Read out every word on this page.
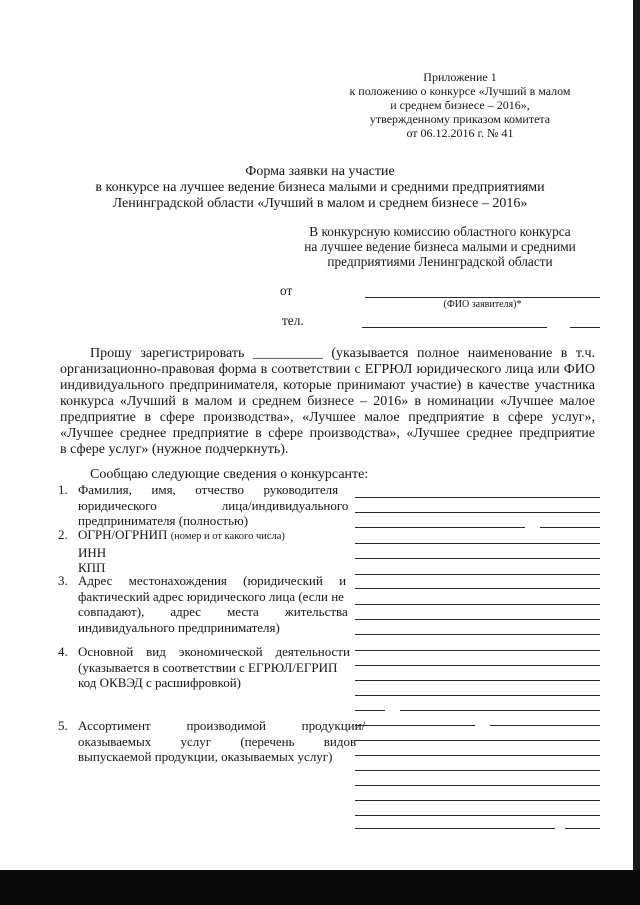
Приложение 1
к положению о конкурсе «Лучший в малом
и среднем бизнесе – 2016»,
утвержденному приказом комитета
от 06.12.2016 г. № 41
Форма заявки на участие
в конкурсе на лучшее ведение бизнеса малыми и средними предприятиями
Ленинградской области «Лучший в малом и среднем бизнесе – 2016»
В конкурсную комиссию областного конкурса
на лучшее ведение бизнеса малыми и средними
предприятиями Ленинградской области
от
(ФИО заявителя)*
тел.
Прошу зарегистрировать __________ (указывается полное наименование в т.ч.
организационно-правовая форма в соответствии с ЕГРЮЛ юридического лица или ФИО
индивидуального предпринимателя, которые принимают участие) в качестве участника
конкурса «Лучший в малом и среднем бизнесе – 2016» в номинации «Лучшее малое
предприятие в сфере производства», «Лучшее малое предприятие в сфере услуг»,
«Лучшее среднее предприятие в сфере производства», «Лучшее среднее предприятие
в сфере услуг» (нужное подчеркнуть).
Сообщаю следующие сведения о конкурсанте:
1. Фамилия,      имя,      отчество      руководителя
юридического                    лица/индивидуального
предпринимателя (полностью)
2. ОГРН/ОГРНИП (номер и от какого числа)
ИНН
КПП
3. Адрес     местонахождения     (юридический     и
фактический адрес юридического лица (если не
совпадают),        адрес        места        жительства
индивидуального предпринимателя)
4. Основной    вид    экономической    деятельности
(указывается в соответствии с ЕГРЮЛ/ЕГРИП
код ОКВЭД с расшифровкой)
5. Ассортимент           производимой           продукции/
оказываемых         услуг         (перечень         видов
выпускаемой продукции, оказываемых услуг)
